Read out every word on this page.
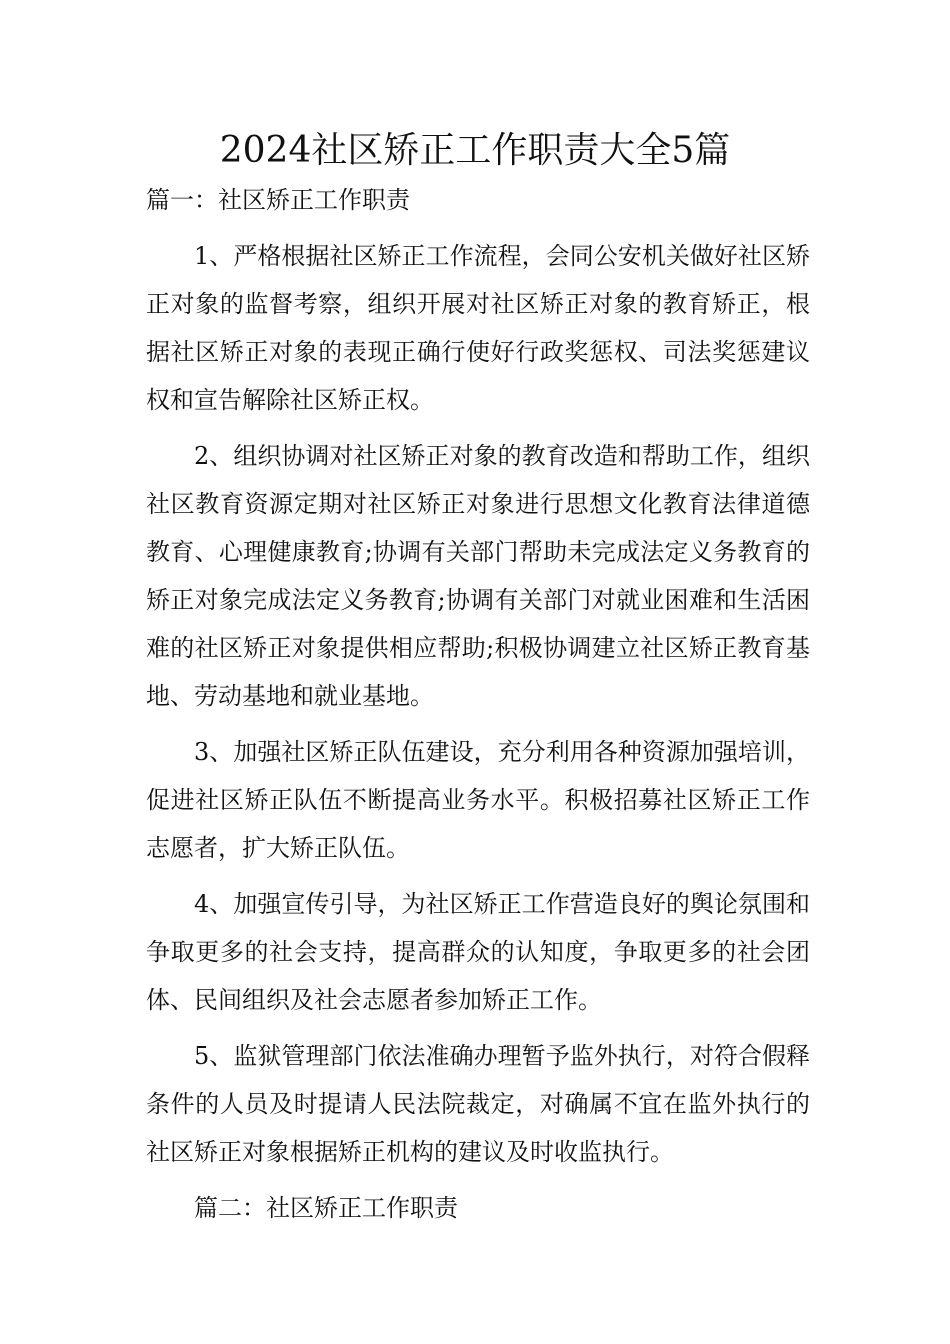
2024社区矫正工作职责大全5篇

篇一：社区矫正工作职责

1、严格根据社区矫正工作流程，会同公安机关做好社区矫正对象的监督考察，组织开展对社区矫正对象的教育矫正，根据社区矫正对象的表现正确行使好行政奖惩权、司法奖惩建议权和宣告解除社区矫正权。

2、组织协调对社区矫正对象的教育改造和帮助工作，组织社区教育资源定期对社区矫正对象进行思想文化教育法律道德教育、心理健康教育;协调有关部门帮助未完成法定义务教育的矫正对象完成法定义务教育;协调有关部门对就业困难和生活困难的社区矫正对象提供相应帮助;积极协调建立社区矫正教育基地、劳动基地和就业基地。

3、加强社区矫正队伍建设，充分利用各种资源加强培训，促进社区矫正队伍不断提高业务水平。积极招募社区矫正工作志愿者，扩大矫正队伍。

4、加强宣传引导，为社区矫正工作营造良好的舆论氛围和争取更多的社会支持，提高群众的认知度，争取更多的社会团体、民间组织及社会志愿者参加矫正工作。

5、监狱管理部门依法准确办理暂予监外执行，对符合假释条件的人员及时提请人民法院裁定，对确属不宜在监外执行的社区矫正对象根据矫正机构的建议及时收监执行。

篇二：社区矫正工作职责
